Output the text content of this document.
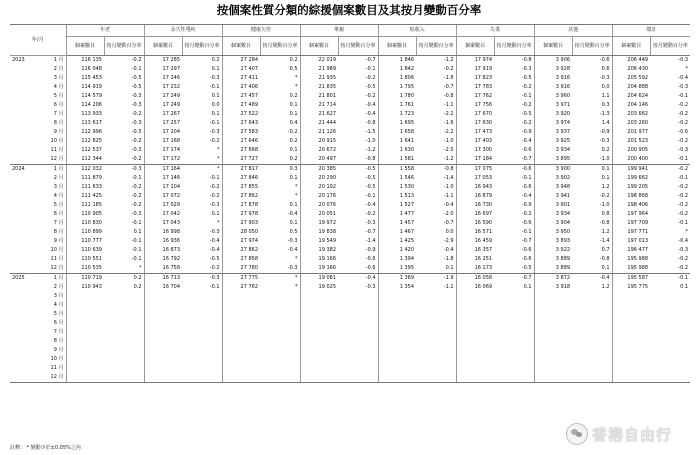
按個案性質分類的綜援個案數目及其按月變動百分率
年/月		年老		永久性殘疾		健康欠佳		單親		低收入		失業		其他		總計	
		個案數目	按月變動百分率	個案數目	按月變動百分率	個案數目	按月變動百分率	個案數目	按月變動百分率	個案數目	按月變動百分率	個案數目	按月變動百分率	個案數目	按月變動百分率	個案數目	按月變動百分率
2023	1 月	116 135	-0.2	17 285	0.2	27 284	0.2	22 019	-0.7	1 846	-1.2	17 974	-0.8	3 906	-0.6	206 449	-0.3
	2 月	116 048	-0.1	17 297	0.1	27 407	0.5	21 989	-0.1	1 842	-0.2	17 919	-0.3	3 928	0.6	206 430	*
	3 月	115 453	-0.5	17 246	-0.3	27 411	*	21 935	-0.2	1 806	-1.8	17 823	-0.5	3 916	-0.3	205 592	-0.4
	4 月	114 919	-0.5	17 232	-0.1	27 406	*	21 835	-0.5	1 795	-0.7	17 783	-0.2	3 916	0.0	204 888	-0.3
	5 月	114 579	-0.3	17 249	0.1	27 457	0.2	21 801	-0.2	1 780	-0.8	17 762	-0.1	3 960	1.1	204 624	-0.1
	6 月	114 206	-0.3	17 249	0.0	27 489	0.1	21 714	-0.4	1 761	-1.1	17 756	-0.2	3 971	0.3	204 146	-0.2
	7 月	113 933	-0.2	17 267	0.1	27 522	0.1	21 627	-0.4	1 723	-2.2	17 670	-0.5	3 920	-1.3	203 662	-0.2
	8 月	113 617	-0.3	17 257	-0.1	27 643	0.4	21 444	-0.8	1 695	-1.6	17 630	-0.2	3 974	1.4	203 260	-0.2
	9 月	112 996	-0.5	17 204	-0.3	27 583	-0.2	21 126	-1.5	1 658	-2.2	17 473	-0.9	3 937	-0.9	201 977	-0.6
	10 月	112 825	-0.2	17 168	-0.2	27 646	0.2	20 915	-1.0	1 641	-1.0	17 403	-0.4	3 925	-0.3	201 523	-0.2
	11 月	112 537	-0.3	17 174	*	27 668	0.1	20 672	-1.2	1 630	-2.5	17 300	-0.6	3 934	0.2	200 905	-0.3
	12 月	112 344	-0.2	17 172	*	27 727	0.2	20 497	-0.8	1 581	-1.2	17 184	-0.7	3 895	-1.0	200 400	-0.1
2024	1 月	112 032	-0.3	17 164	*	27 817	0.3	20 385	-0.5	1 558	-0.8	17 075	-0.6	3 900	0.1	199 941	-0.2
	2 月	111 879	-0.1	17 146	-0.1	27 846	0.1	20 290	-0.5	1 546	-1.4	17 053	-0.1	3 902	0.1	199 662	-0.1
	3 月	111 633	-0.2	17 104	-0.2	27 855	*	20 192	-0.5	1 530	-1.0	16 943	-0.6	3 948	1.2	199 205	-0.2
	4 月	111 425	-0.2	17 072	-0.2	27 862	*	20 176	-0.1	1 513	-1.1	16 879	-0.4	3 941	-0.2	198 868	-0.2
	5 月	111 185	-0.2	17 029	-0.3	27 878	0.1	20 076	-0.4	1 527	-0.4	16 730	-0.9	3 901	-1.0	198 406	-0.2
	6 月	110 905	-0.3	17 042	0.1	27 978	-0.4	20 051	-0.2	1 477	-2.0	16 697	-0.2	3 934	0.8	197 964	-0.2
	7 月	110 830	-0.1	17 043	*	27 903	0.1	19 972	-0.3	1 457	-0.7	16 590	-0.6	3 904	-0.8	197 709	-0.1
	8 月	110 899	0.1	16 998	-0.3	28 050	0.5	19 838	-0.7	1 467	0.0	16 571	-0.1	3 950	1.2	197 771	*
	9 月	110 777	-0.1	16 936	-0.4	27 974	-0.3	19 549	-1.4	1 425	-2.9	16 459	-0.7	3 893	-1.4	197 013	-0.4
	10 月	110 639	-0.1	16 873	-0.4	27 862	-0.4	19 382	-0.9	1 420	-0.4	16 357	-0.6	3 922	0.7	196 477	-0.3
	11 月	110 551	-0.1	16 792	-0.5	27 858	*	19 166	-0.6	1 394	-1.8	16 251	-0.6	3 889	-0.8	195 988	-0.2
	12 月	110 535	*	16 758	-0.2	27 780	-0.3	19 166	-0.6	1 395	0.1	16 173	-0.5	3 889	0.1	195 988	-0.2
2025	1 月	110 719	0.2	16 713	-0.3	27 775	*	19 081	-0.4	1 369	-1.9	16 058	-0.7	3 872	-0.4	195 587	-0.1
	2 月	110 943	0.2	16 704	-0.1	27 762	*	19 025	-0.3	1 354	-1.1	16 069	0.1	3 918	1.2	195 775	0.1
	3 月																
	4 月																
	5 月																
	6 月																
	7 月																
	8 月																
	9 月																
	10 月																
	11 月																
	12 月																
註釋： * 變動少於±0.05%之內
香港自由行
